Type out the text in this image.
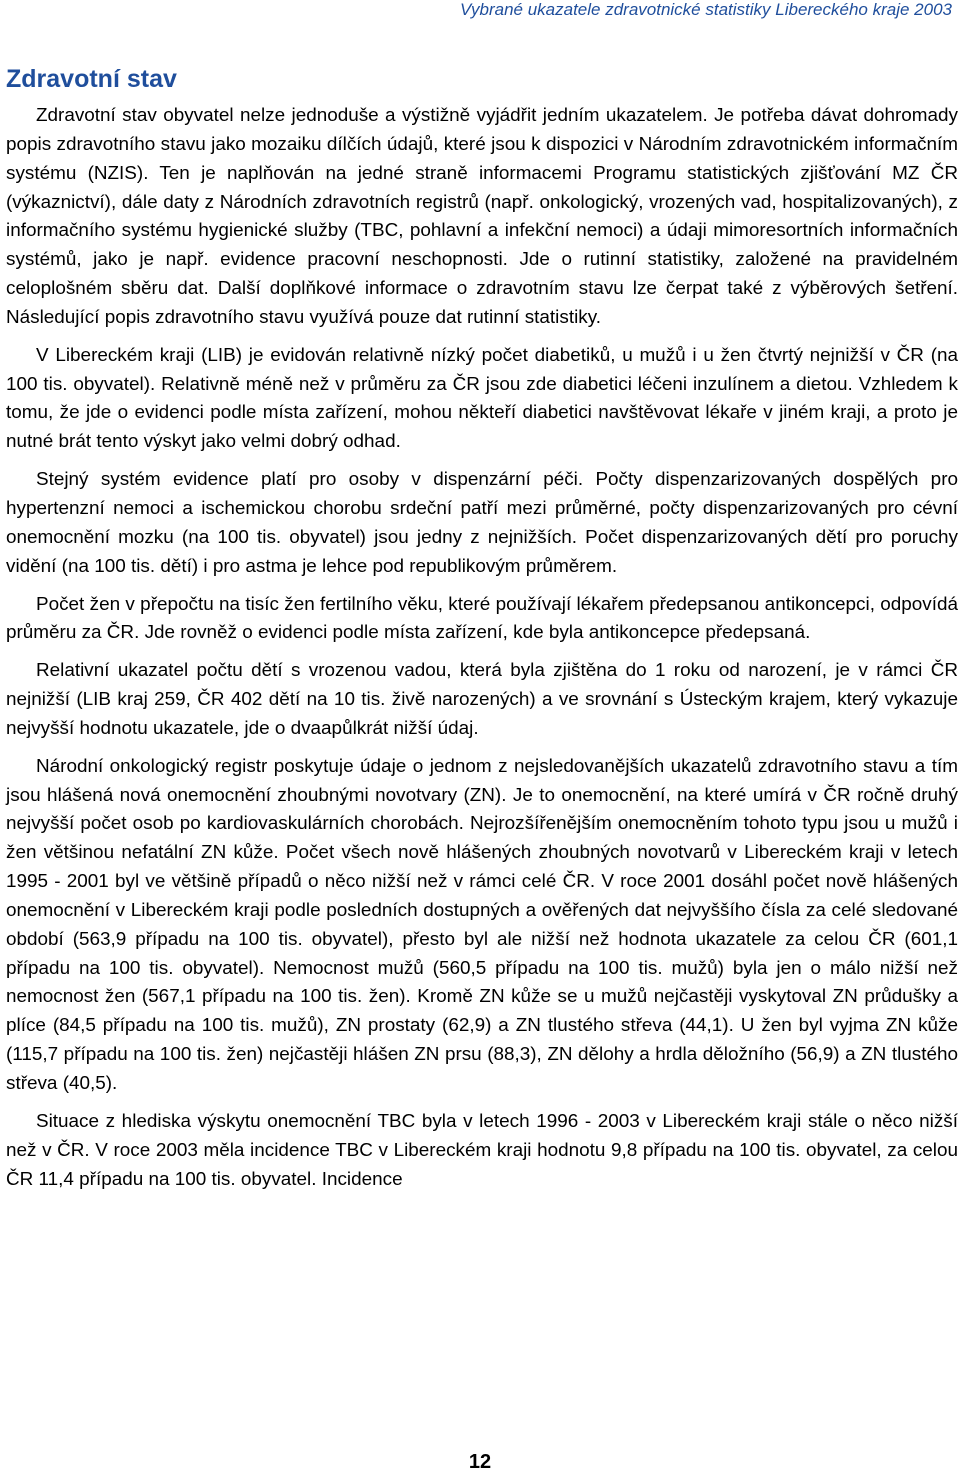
Vybrané ukazatele zdravotnické statistiky Libereckého kraje 2003
Zdravotní stav

Zdravotní stav obyvatel nelze jednoduše a výstižně vyjádřit jedním ukazatelem. Je potřeba dávat dohromady popis zdravotního stavu jako mozaiku dílčích údajů, které jsou k dispozici v Národním zdravotnickém informačním systému (NZIS). Ten je naplňován na jedné straně informacemi Programu statistických zjišťování MZ ČR (výkaznictví), dále daty z Národních zdravotních registrů (např. onkologický, vrozených vad, hospitalizovaných), z informačního systému hygienické služby (TBC, pohlavní a infekční nemoci) a údaji mimoresortních informačních systémů, jako je např. evidence pracovní neschopnosti. Jde o rutinní statistiky, založené na pravidelném celoplošném sběru dat. Další doplňkové informace o zdravotním stavu lze čerpat také z výběrových šetření. Následující popis zdravotního stavu využívá pouze dat rutinní statistiky.

V Libereckém kraji (LIB) je evidován relativně nízký počet diabetiků, u mužů i u žen čtvrtý nejnižší v ČR (na 100 tis. obyvatel). Relativně méně než v průměru za ČR jsou zde diabetici léčeni inzulínem a dietou. Vzhledem k tomu, že jde o evidenci podle místa zařízení, mohou někteří diabetici navštěvovat lékaře v jiném kraji, a proto je nutné brát tento výskyt jako velmi dobrý odhad.

Stejný systém evidence platí pro osoby v dispenzární péči. Počty dispenzarizovaných dospělých pro hypertenzní nemoci a ischemickou chorobu srdeční patří mezi průměrné, počty dispenzarizovaných pro cévní onemocnění mozku (na 100 tis. obyvatel) jsou jedny z nejnižších. Počet dispenzarizovaných dětí pro poruchy vidění (na 100 tis. dětí) i pro astma je lehce pod republikovým průměrem.

Počet žen v přepočtu na tisíc žen fertilního věku, které používají lékařem předepsanou antikoncepci, odpovídá průměru za ČR. Jde rovněž o evidenci podle místa zařízení, kde byla antikoncepce předepsaná.

Relativní ukazatel počtu dětí s vrozenou vadou, která byla zjištěna do 1 roku od narození, je v rámci ČR nejnižší (LIB kraj 259, ČR 402 dětí na 10 tis. živě narozených) a ve srovnání s Ústeckým krajem, který vykazuje nejvyšší hodnotu ukazatele, jde o dvaapůlkrát nižší údaj.

Národní onkologický registr poskytuje údaje o jednom z nejsledovanějších ukazatelů zdravotního stavu a tím jsou hlášená nová onemocnění zhoubnými novotvary (ZN). Je to onemocnění, na které umírá v ČR ročně druhý nejvyšší počet osob po kardiovaskulárních chorobách. Nejrozšířenějším onemocněním tohoto typu jsou u mužů i žen většinou nefatální ZN kůže. Počet všech nově hlášených zhoubných novotvarů v Libereckém kraji v letech 1995 - 2001 byl ve většině případů o něco nižší než v rámci celé ČR. V roce 2001 dosáhl počet nově hlášených onemocnění v Libereckém kraji podle posledních dostupných a ověřených dat nejvyššího čísla za celé sledované období (563,9 případu na 100 tis. obyvatel), přesto byl ale nižší než hodnota ukazatele za celou ČR (601,1 případu na 100 tis. obyvatel). Nemocnost mužů (560,5 případu na 100 tis. mužů) byla jen o málo nižší než nemocnost žen (567,1 případu na 100 tis. žen). Kromě ZN kůže se u mužů nejčastěji vyskytoval ZN průdušky a plíce (84,5 případu na 100 tis. mužů), ZN prostaty (62,9) a ZN tlustého střeva (44,1). U žen byl vyjma ZN kůže (115,7 případu na 100 tis. žen) nejčastěji hlášen ZN prsu (88,3), ZN dělohy a hrdla děložního (56,9) a ZN tlustého střeva (40,5).

Situace z hlediska výskytu onemocnění TBC byla v letech 1996 - 2003 v Libereckém kraji stále o něco nižší než v ČR. V roce 2003 měla incidence TBC v Libereckém kraji hodnotu 9,8 případu na 100 tis. obyvatel, za celou ČR 11,4 případu na 100 tis. obyvatel. Incidence

12
